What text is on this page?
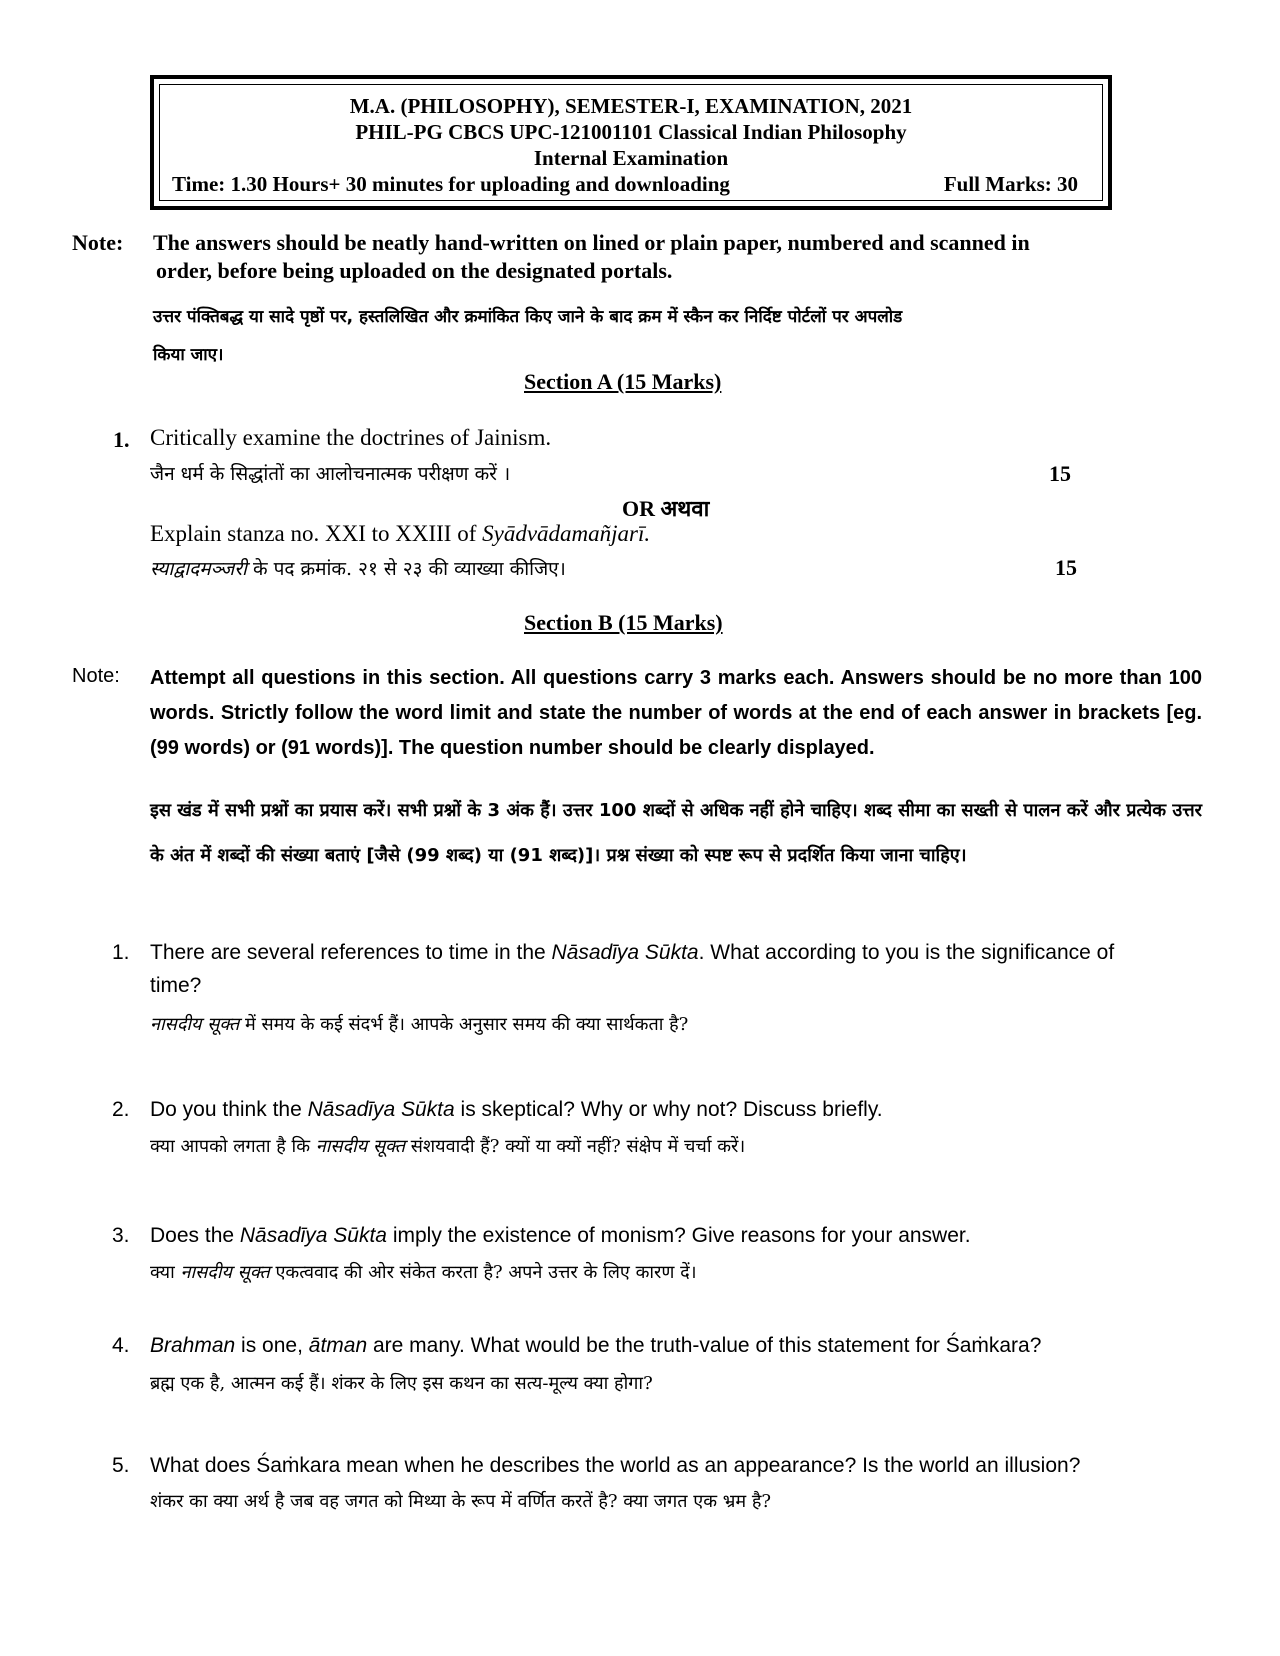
M.A. (PHILOSOPHY), SEMESTER-I, EXAMINATION, 2021
PHIL-PG CBCS UPC-121001101 Classical Indian Philosophy
Internal Examination
Time: 1.30 Hours+ 30 minutes for uploading and downloading	Full Marks: 30
Note: The answers should be neatly hand-written on lined or plain paper, numbered and scanned in
order, before being uploaded on the designated portals.
उत्तर पंक्तिबद्ध या सादे पृष्ठों पर, हस्तलिखित और क्रमांकित किए जाने के बाद क्रम में स्कैन कर निर्दिष्ट पोर्टलों पर अपलोड
किया जाए।
Section A (15 Marks)
1. Critically examine the doctrines of Jainism.
जैन धर्म के सिद्धांतों का आलोचनात्मक परीक्षण करें ।	15
OR अथवा
Explain stanza no. XXI to XXIII of Syādvādamañjarī.
स्याद्वादमञ्जरी के पद क्रमांक. २१ से २३ की व्याख्या कीजिए।	15
Section B (15 Marks)
Note: Attempt all questions in this section. All questions carry 3 marks each. Answers should be no more than 100 words. Strictly follow the word limit and state the number of words at the end of each answer in brackets [eg. (99 words) or (91 words)]. The question number should be clearly displayed.
इस खंड में सभी प्रश्नों का प्रयास करें। सभी प्रश्नों के 3 अंक हैं। उत्तर 100 शब्दों से अधिक नहीं होने चाहिए। शब्द सीमा का सख्ती से पालन करें और प्रत्येक उत्तर के अंत में शब्दों की संख्या बताएं [जैसे (99 शब्द) या (91 शब्द)]। प्रश्न संख्या को स्पष्ट रूप से प्रदर्शित किया जाना चाहिए।
1. There are several references to time in the Nāsadīya Sūkta. What according to you is the significance of
time?
नासदीय सूक्त में समय के कई संदर्भ हैं। आपके अनुसार समय की क्या सार्थकता है?
2. Do you think the Nāsadīya Sūkta is skeptical? Why or why not? Discuss briefly.
क्या आपको लगता है कि नासदीय सूक्त संशयवादी हैं? क्यों या क्यों नहीं? संक्षेप में चर्चा करें।
3. Does the Nāsadīya Sūkta imply the existence of monism? Give reasons for your answer.
क्या नासदीय सूक्त एकत्ववाद की ओर संकेत करता है? अपने उत्तर के लिए कारण दें।
4. Brahman is one, ātman are many. What would be the truth-value of this statement for Śaṁkara?
ब्रह्म एक है, आत्मन कई हैं। शंकर के लिए इस कथन का सत्य-मूल्य क्या होगा?
5. What does Śaṁkara mean when he describes the world as an appearance? Is the world an illusion?
शंकर का क्या अर्थ है जब वह जगत को मिथ्या के रूप में वर्णित करतें है? क्या जगत एक भ्रम है?
